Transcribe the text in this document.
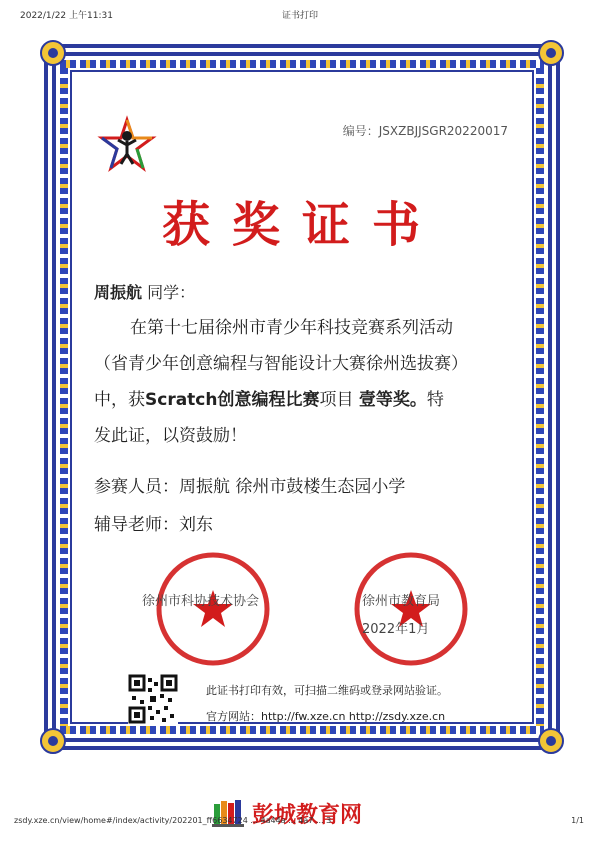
2022/1/22 上午11:31	证书打印
编号：JSXZBJJSGR20220017
获奖证书
周振航 同学：

在第十七届徐州市青少年科技竞赛系列活动

（省青少年创意编程与智能设计大赛徐州选拔赛）

中，获Scratch创意编程比赛项目 壹等奖。特

发此证，以资鼓励！

参赛人员：周振航 徐州市鼓楼生态园小学
辅导老师：刘东
徐州市科协技术协会	徐州市教育局
2022年1月
此证书打印有效，可扫描二维码或登录网站验证。
官方网站：http://fw.xze.cn http://zsdy.xze.cn
彭城教育网
zsdy.xze.cn/view/home#/index/activity/202201_ff6634724 ... 4a44a ... 4a7 ... 3	1/1
